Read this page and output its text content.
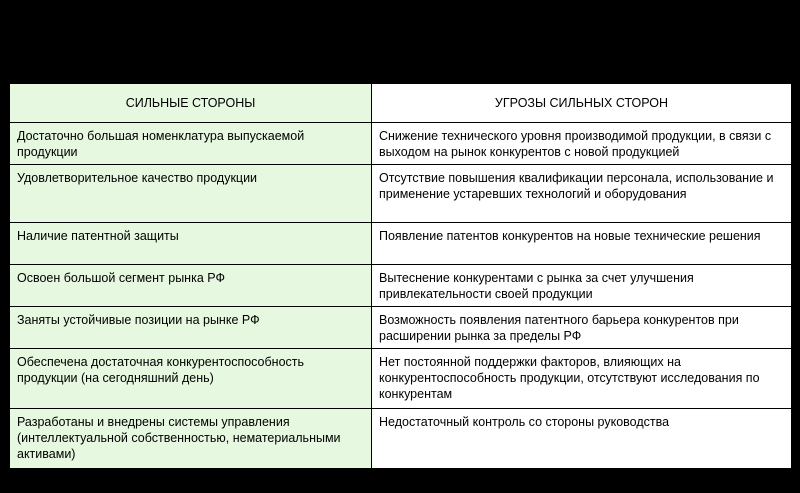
СИЛЬНЫЕ СТОРОНЫ	УГРОЗЫ СИЛЬНЫХ СТОРОН
Достаточно большая номенклатура выпускаемой продукции	Снижение технического уровня производимой продукции, в связи с выходом на рынок конкурентов с новой продукцией
Удовлетворительное качество продукции	Отсутствие повышения квалификации персонала, использование и применение устаревших технологий и оборудования
Наличие патентной защиты	Появление патентов конкурентов на новые технические решения
Освоен большой сегмент рынка РФ	Вытеснение конкурентами с рынка за счет улучшения привлекательности своей продукции
Заняты устойчивые позиции на рынке РФ	Возможность появления патентного барьера конкурентов при расширении рынка за пределы РФ
Обеспечена достаточная конкурентоспособность продукции (на сегодняшний день)	Нет постоянной поддержки факторов, влияющих на конкурентоспособность продукции, отсутствуют исследования по конкурентам
Разработаны и внедрены системы управления (интеллектуальной собственностью, нематериальными активами)	Недостаточный контроль со стороны руководства
